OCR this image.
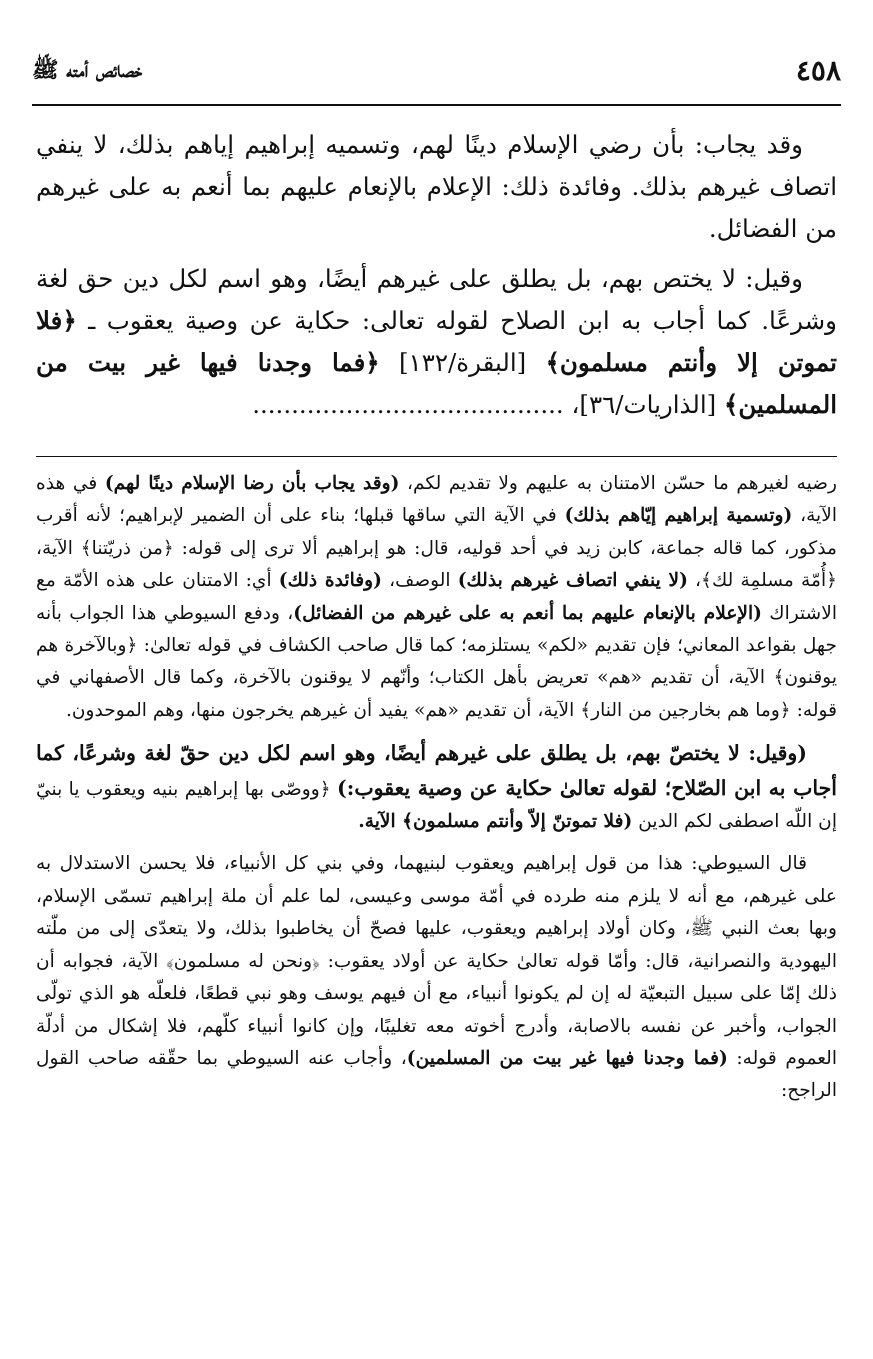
٤٥٨
خصائص أمته ﷺ

وقد يجاب: بأن رضي الإسلام دينًا لهم، وتسميه إبراهيم إياهم بذلك، لا ينفي اتصاف غيرهم بذلك. وفائدة ذلك: الإعلام بالإنعام عليهم بما أنعم به على غيرهم من الفضائل.

وقيل: لا يختص بهم، بل يطلق على غيرهم أيضًا، وهو اسم لكل دين حق لغة وشرعًا. كما أجاب به ابن الصلاح لقوله تعالى: حكاية عن وصية يعقوب ـ ﴿فلا تموتن إلا وأنتم مسلمون﴾ [البقرة/١٣٢] ﴿فما وجدنا فيها غير بيت من المسلمين﴾ [الذاريات/٣٦]، ........................................

رضيه لغيرهم ما حسّن الامتنان به عليهم ولا تقديم لكم، (وقد يجاب بأن رضا الإسلام دينًا لهم) في هذه الآية، (وتسمية إبراهيم إيّاهم بذلك) في الآية التي ساقها قبلها؛ بناء على أن الضمير لإبراهيم؛ لأنه أقرب مذكور، كما قاله جماعة، كابن زيد في أحد قوليه، قال: هو إبراهيم ألا ترى إلى قوله: ﴿من ذريّتنا﴾ الآية، ﴿أُمّة مسلمِة لك﴾، (لا ينفي اتصاف غيرهم بذلك) الوصف، (وفائدة ذلك) أي: الامتنان على هذه الأمّة مع الاشتراك (الإعلام بالإنعام عليهم بما أنعم به على غيرهم من الفضائل)، ودفع السيوطي هذا الجواب بأنه جهل بقواعد المعاني؛ فإن تقديم «لكم» يستلزمه؛ كما قال صاحب الكشاف في قوله تعالىٰ: ﴿وبالآخرة هم يوقنون﴾ الآية، أن تقديم «هم» تعريض بأهل الكتاب؛ وأنّهم لا يوقنون بالآخرة، وكما قال الأصفهاني في قوله: ﴿وما هم بخارجين من النار﴾ الآية، أن تقديم «هم» يفيد أن غيرهم يخرجون منها، وهم الموحدون.

(وقيل: لا يختصّ بهم، بل يطلق على غيرهم أيضًا، وهو اسم لكل دين حقّ لغة وشرعًا، كما أجاب به ابن الصّلاح؛ لقوله تعالىٰ حكاية عن وصية يعقوب:) ﴿ووصّى بها إبراهيم بنيه ويعقوب يا بنيّ إن اللّه اصطفى لكم الدين (فلا تموتنّ إلاّ وأنتم مسلمون﴾ الآية.

قال السيوطي: هذا من قول إبراهيم ويعقوب لبنيهما، وفي بني كل الأنبياء، فلا يحسن الاستدلال به على غيرهم، مع أنه لا يلزم منه طرده في أمّة موسى وعيسى، لما علم أن ملة إبراهيم تسمّى الإسلام، وبها بعث النبي ﷺ، وكان أولاد إبراهيم ويعقوب، عليها فصحّ أن يخاطبوا بذلك، ولا يتعدّى إلى من ملّته اليهودية والنصرانية، قال: وأمّا قوله تعالىٰ حكاية عن أولاد يعقوب: ﴿ونحن له مسلمون﴾ الآية، فجوابه أن ذلك إمّا على سبيل التبعيّة له إن لم يكونوا أنبياء، مع أن فيهم يوسف وهو نبي قطعًا، فلعلّه هو الذي تولّى الجواب، وأخبر عن نفسه بالاصابة، وأدرج أخوته معه تغليبًا، وإن كانوا أنبياء كلّهم، فلا إشكال من أدلّة العموم قوله: (فما وجدنا فيها غير بيت من المسلمين)، وأجاب عنه السيوطي بما حقّقه صاحب القول الراجح:
